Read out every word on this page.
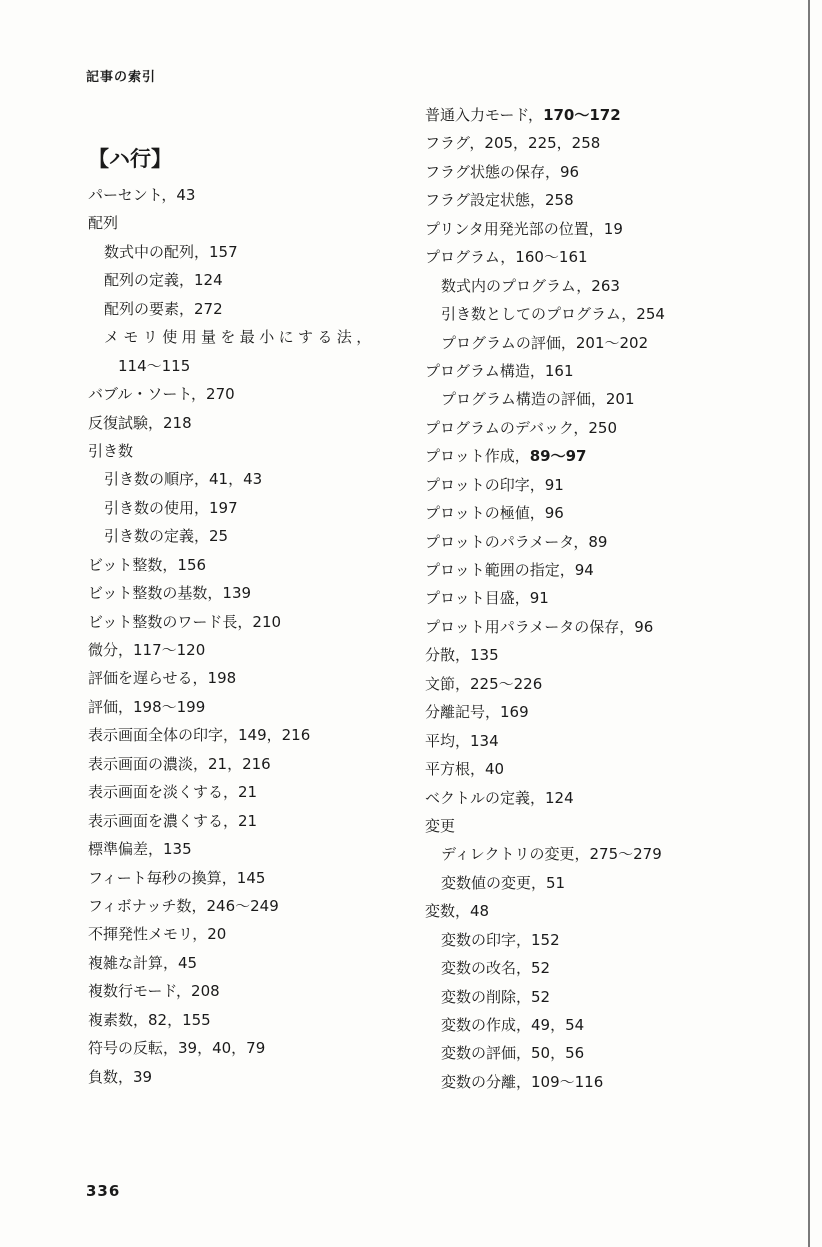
記事の索引
【ハ行】
パーセント，43
配列
数式中の配列，157
配列の定義，124
配列の要素，272
メモリ使用量を最小にする法，
114～115
バブル・ソート，270
反復試験，218
引き数
引き数の順序，41，43
引き数の使用，197
引き数の定義，25
ビット整数，156
ビット整数の基数，139
ビット整数のワード長，210
微分，117～120
評価を遅らせる，198
評価，198～199
表示画面全体の印字，149，216
表示画面の濃淡，21，216
表示画面を淡くする，21
表示画面を濃くする，21
標準偏差，135
フィート毎秒の換算，145
フィボナッチ数，246～249
不揮発性メモリ，20
複雑な計算，45
複数行モード，208
複素数，82，155
符号の反転，39，40，79
負数，39
普通入力モード，170～172
フラグ，205，225，258
フラグ状態の保存，96
フラグ設定状態，258
プリンタ用発光部の位置，19
プログラム，160～161
数式内のプログラム，263
引き数としてのプログラム，254
プログラムの評価，201～202
プログラム構造，161
プログラム構造の評価，201
プログラムのデバック，250
プロット作成，89～97
プロットの印字，91
プロットの極値，96
プロットのパラメータ，89
プロット範囲の指定，94
プロット目盛，91
プロット用パラメータの保存，96
分散，135
文節，225～226
分離記号，169
平均，134
平方根，40
ベクトルの定義，124
変更
ディレクトリの変更，275～279
変数値の変更，51
変数，48
変数の印字，152
変数の改名，52
変数の削除，52
変数の作成，49，54
変数の評価，50，56
変数の分離，109～116
336
